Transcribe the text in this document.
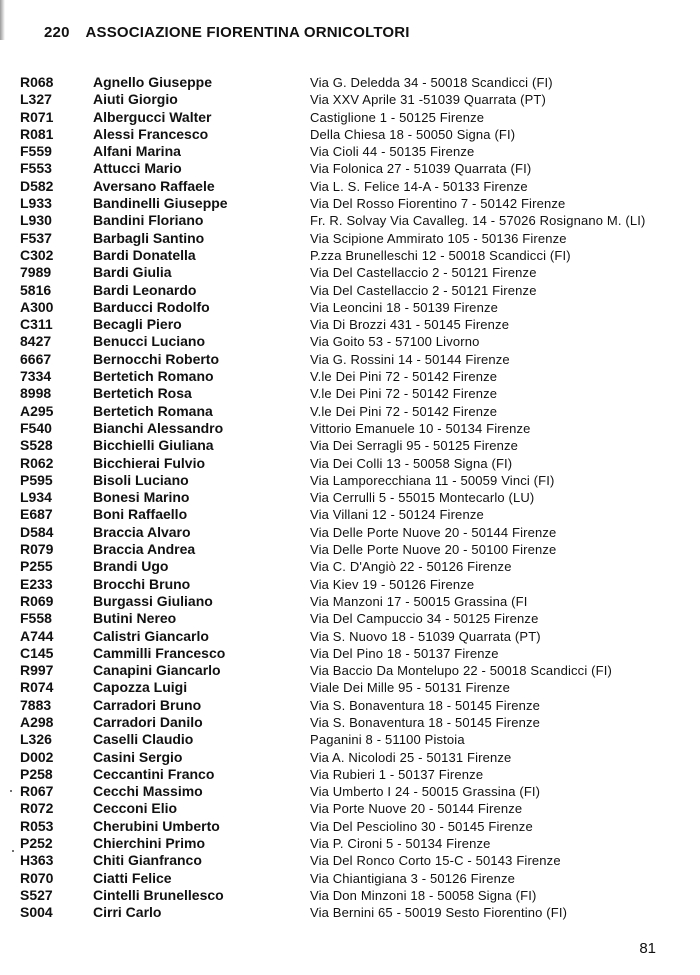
220 ASSOCIAZIONE FIORENTINA ORNICOLTORI
R068	Agnello Giuseppe	Via G. Deledda 34 - 50018 Scandicci (FI)
L327	Aiuti Giorgio	Via XXV Aprile 31 -51039 Quarrata (PT)
R071	Albergucci Walter	Castiglione 1 - 50125 Firenze
R081	Alessi Francesco	Della Chiesa 18 - 50050 Signa (FI)
F559	Alfani Marina	Via Cioli 44 - 50135 Firenze
F553	Attucci Mario	Via Folonica 27 - 51039 Quarrata (FI)
D582	Aversano Raffaele	Via L. S. Felice 14-A - 50133 Firenze
L933	Bandinelli Giuseppe	Via Del Rosso Fiorentino 7 - 50142 Firenze
L930	Bandini Floriano	Fr. R. Solvay Via Cavalleg. 14 - 57026 Rosignano M. (LI)
F537	Barbagli Santino	Via Scipione Ammirato 105 - 50136 Firenze
C302	Bardi Donatella	P.zza Brunelleschi 12 - 50018 Scandicci (FI)
7989	Bardi Giulia	Via Del Castellaccio 2 - 50121 Firenze
5816	Bardi Leonardo	Via Del Castellaccio 2 - 50121 Firenze
A300	Barducci Rodolfo	Via Leoncini 18 - 50139 Firenze
C311	Becagli Piero	Via Di Brozzi 431 - 50145 Firenze
8427	Benucci Luciano	Via Goito 53 - 57100 Livorno
6667	Bernocchi Roberto	Via G. Rossini 14 - 50144 Firenze
7334	Bertetich Romano	V.le Dei Pini 72 - 50142 Firenze
8998	Bertetich Rosa	V.le Dei Pini 72 - 50142 Firenze
A295	Bertetich Romana	V.le Dei Pini 72 - 50142 Firenze
F540	Bianchi Alessandro	Vittorio Emanuele 10 - 50134 Firenze
S528	Bicchielli Giuliana	Via Dei Serragli 95 - 50125 Firenze
R062	Bicchierai Fulvio	Via Dei Colli 13 - 50058 Signa (FI)
P595	Bisoli Luciano	Via Lamporecchiana 11 - 50059 Vinci (FI)
L934	Bonesi Marino	Via Cerrulli 5 - 55015 Montecarlo (LU)
E687	Boni Raffaello	Via Villani 12 - 50124 Firenze
D584	Braccia Alvaro	Via Delle Porte Nuove 20 - 50144 Firenze
R079	Braccia Andrea	Via Delle Porte Nuove 20 - 50100 Firenze
P255	Brandi Ugo	Via C. D'Angiò 22 - 50126 Firenze
E233	Brocchi Bruno	Via Kiev 19 - 50126 Firenze
R069	Burgassi Giuliano	Via Manzoni 17 - 50015 Grassina (FI
F558	Butini Nereo	Via Del Campuccio 34 - 50125 Firenze
A744	Calistri Giancarlo	Via S. Nuovo 18 - 51039 Quarrata (PT)
C145	Cammilli Francesco	Via Del Pino 18 - 50137 Firenze
R997	Canapini Giancarlo	Via Baccio Da Montelupo 22 - 50018 Scandicci (FI)
R074	Capozza Luigi	Viale Dei Mille 95 - 50131 Firenze
7883	Carradori Bruno	Via S. Bonaventura 18 - 50145 Firenze
A298	Carradori Danilo	Via S. Bonaventura 18 - 50145 Firenze
L326	Caselli Claudio	Paganini 8 - 51100 Pistoia
D002	Casini Sergio	Via A. Nicolodi 25 - 50131 Firenze
P258	Ceccantini Franco	Via Rubieri 1 - 50137 Firenze
R067	Cecchi Massimo	Via Umberto I 24 - 50015 Grassina (FI)
R072	Cecconi Elio	Via Porte Nuove 20 - 50144 Firenze
R053	Cherubini Umberto	Via Del Pesciolino 30 - 50145 Firenze
P252	Chierchini Primo	Via P. Cironi 5 - 50134 Firenze
H363	Chiti Gianfranco	Via Del Ronco Corto 15-C - 50143 Firenze
R070	Ciatti Felice	Via Chiantigiana 3 - 50126 Firenze
S527	Cintelli Brunellesco	Via Don Minzoni 18 - 50058 Signa (FI)
S004	Cirri Carlo	Via Bernini 65 - 50019 Sesto Fiorentino (FI)
81
